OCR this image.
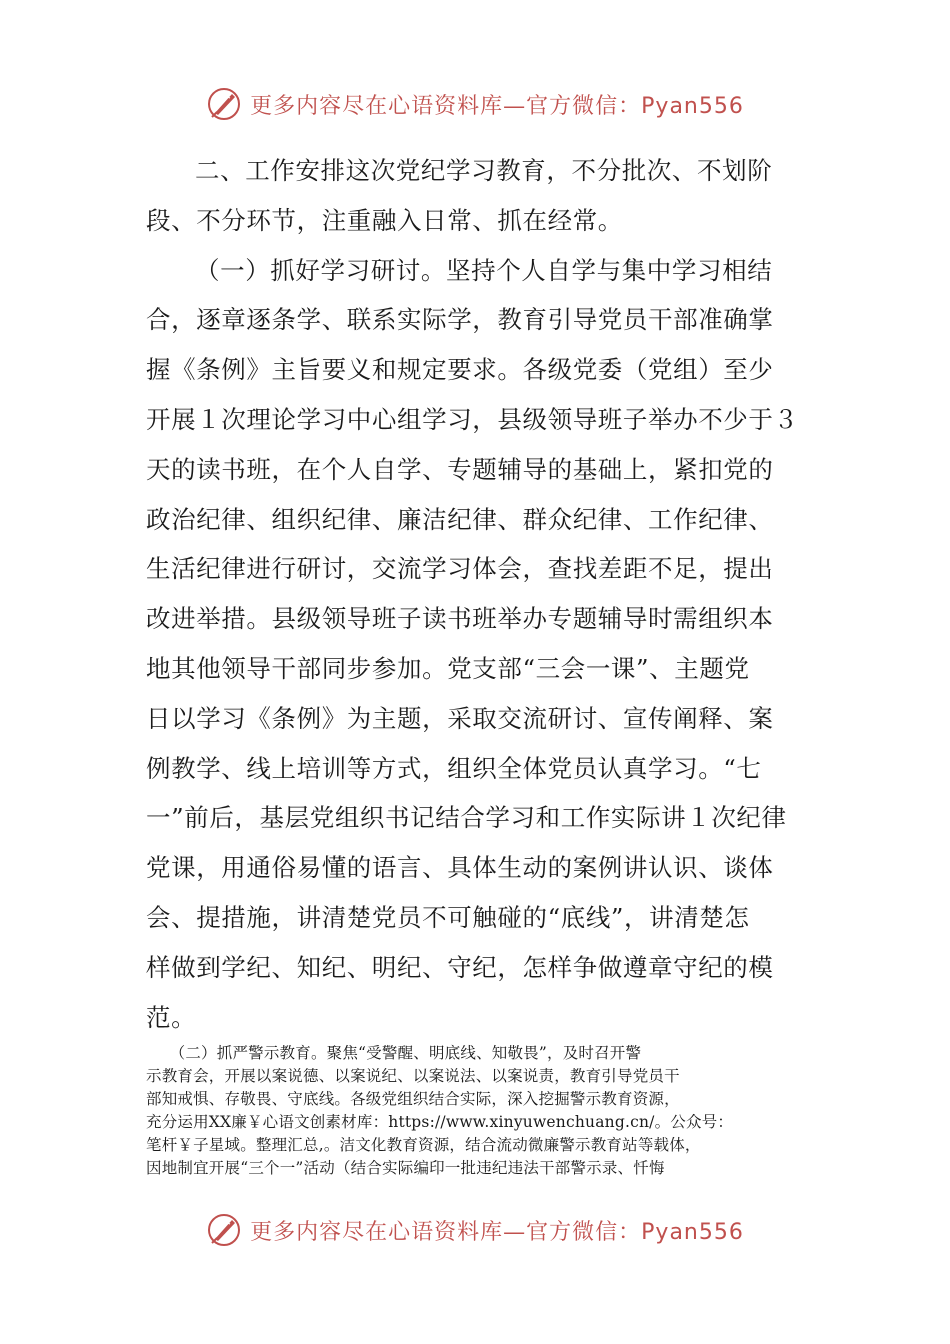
更多内容尽在心语资料库—官方微信：Pyan556
二、工作安排这次党纪学习教育，不分批次、不划阶
段、不分环节，注重融入日常、抓在经常。
（一）抓好学习研讨。坚持个人自学与集中学习相结
合，逐章逐条学、联系实际学，教育引导党员干部准确掌
握《条例》主旨要义和规定要求。各级党委（党组）至少
开展１次理论学习中心组学习，县级领导班子举办不少于３
天的读书班，在个人自学、专题辅导的基础上，紧扣党的
政治纪律、组织纪律、廉洁纪律、群众纪律、工作纪律、
生活纪律进行研讨，交流学习体会，查找差距不足，提出
改进举措。县级领导班子读书班举办专题辅导时需组织本
地其他领导干部同步参加。党支部“三会一课”、主题党
日以学习《条例》为主题，采取交流研讨、宣传阐释、案
例教学、线上培训等方式，组织全体党员认真学习。“七
一”前后，基层党组织书记结合学习和工作实际讲１次纪律
党课，用通俗易懂的语言、具体生动的案例讲认识、谈体
会、提措施，讲清楚党员不可触碰的“底线”，讲清楚怎
样做到学纪、知纪、明纪、守纪，怎样争做遵章守纪的模
范。
　　（二）抓严警示教育。聚焦“受警醒、明底线、知敬畏”，及时召开警
示教育会，开展以案说德、以案说纪、以案说法、以案说责，教育引导党员干
部知戒惧、存敬畏、守底线。各级党组织结合实际，深入挖掘警示教育资源，
充分运用XX廉￥心语文创素材库：https://www.xinyuwenchuang.cn/。公众号：
笔杆￥子星域。整理汇总,。洁文化教育资源，结合流动微廉警示教育站等载体，
因地制宜开展“三个一”活动（结合实际编印一批违纪违法干部警示录、忏悔
更多内容尽在心语资料库—官方微信：Pyan556
